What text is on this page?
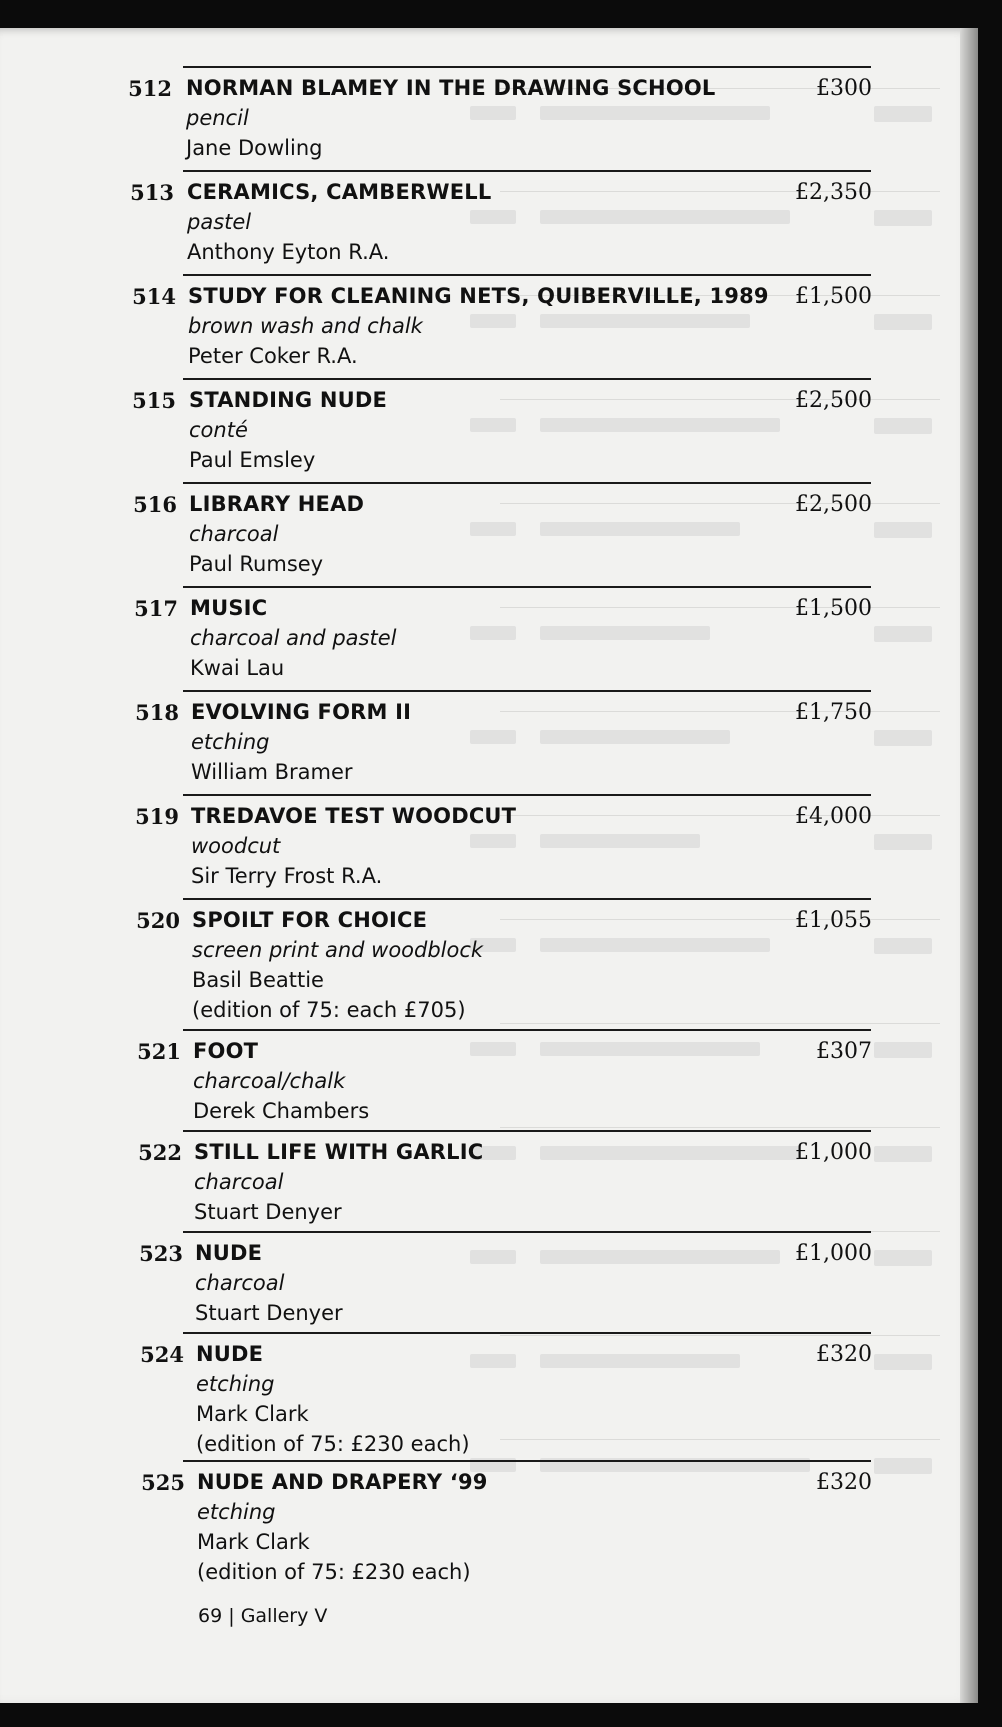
512 NORMAN BLAMEY IN THE DRAWING SCHOOL
pencil
Jane Dowling
£300
513 CERAMICS, CAMBERWELL
pastel
Anthony Eyton R.A.
£2,350
514 STUDY FOR CLEANING NETS, QUIBERVILLE, 1989
brown wash and chalk
Peter Coker R.A.
£1,500
515 STANDING NUDE
conté
Paul Emsley
£2,500
516 LIBRARY HEAD
charcoal
Paul Rumsey
£2,500
517 MUSIC
charcoal and pastel
Kwai Lau
£1,500
518 EVOLVING FORM II
etching
William Bramer
£1,750
519 TREDAVOE TEST WOODCUT
woodcut
Sir Terry Frost R.A.
£4,000
520 SPOILT FOR CHOICE
screen print and woodblock
Basil Beattie
(edition of 75: each £705)
£1,055
521 FOOT
charcoal/chalk
Derek Chambers
£307
522 STILL LIFE WITH GARLIC
charcoal
Stuart Denyer
£1,000
523 NUDE
charcoal
Stuart Denyer
£1,000
524 NUDE
etching
Mark Clark
(edition of 75: £230 each)
£320
525 NUDE AND DRAPERY ‘99
etching
Mark Clark
(edition of 75: £230 each)
£320
69 | Gallery V
